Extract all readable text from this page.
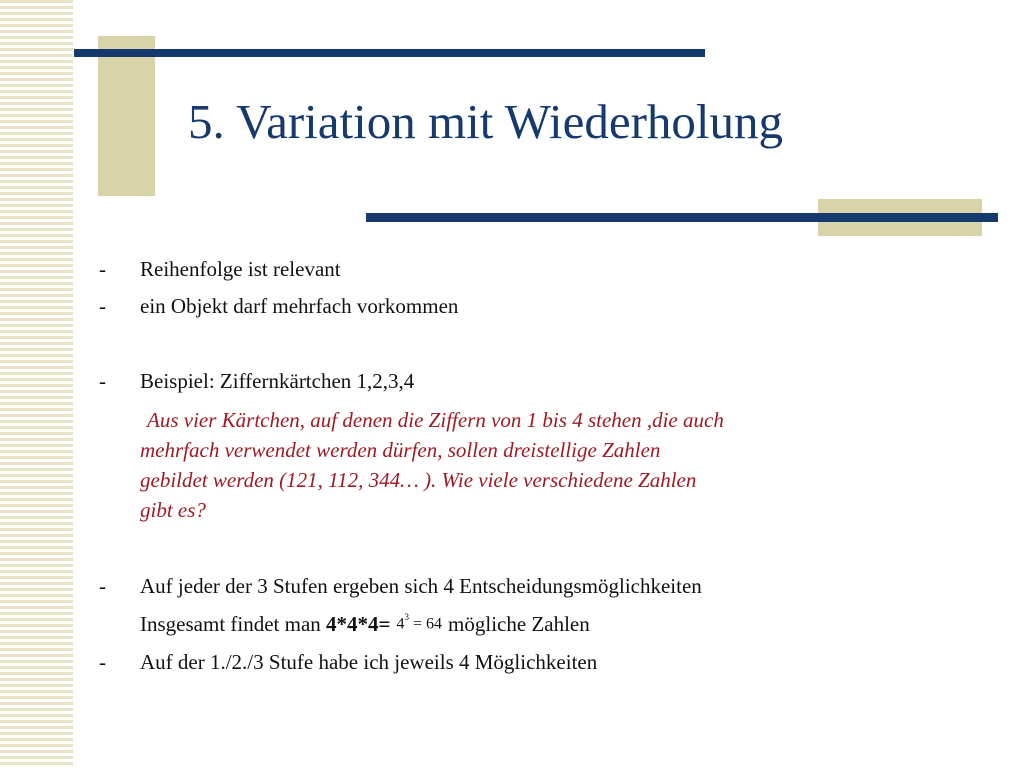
5. Variation mit Wiederholung
-	Reihenfolge ist relevant
-	ein Objekt darf mehrfach vorkommen
-	Beispiel: Ziffernkärtchen 1,2,3,4
Aus vier Kärtchen, auf denen die Ziffern von 1 bis 4 stehen ,die auch
mehrfach verwendet werden dürfen, sollen dreistellige Zahlen
gebildet werden (121, 112, 344… ). Wie viele verschiedene Zahlen
gibt es?
-	Auf jeder der 3 Stufen ergeben sich 4 Entscheidungsmöglichkeiten
Insgesamt findet man $4*4*4= 4^3 = 64$ mögliche Zahlen
-	Auf der 1./2./3 Stufe habe ich jeweils 4 Möglichkeiten
